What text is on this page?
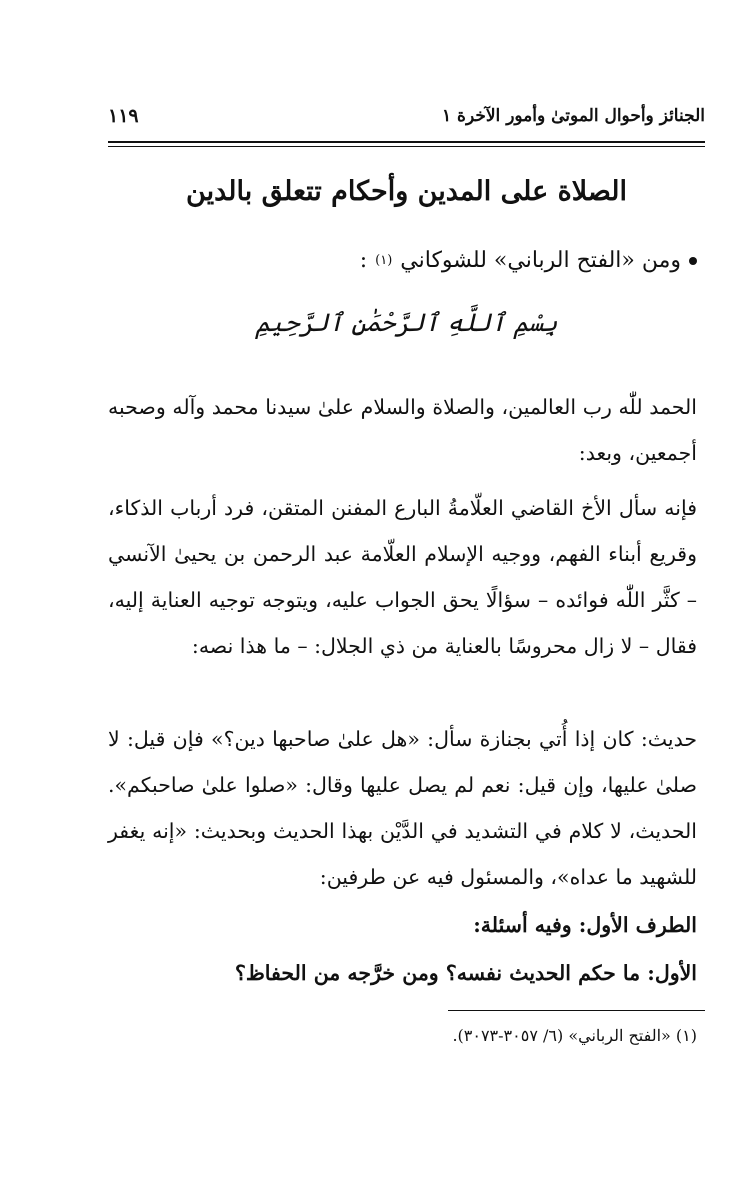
الجنائز وأحوال الموتىٰ وأمور الآخرة ١
١١٩
الصلاة على المدين وأحكام تتعلق بالدين
ومن «الفتح الرباني» للشوكاني
(١)
:
بِسْمِ ٱللَّهِ ٱلرَّحْمَٰنِ ٱلرَّحِيمِ

الحمد للّٰه رب العالمين، والصلاة والسلام علىٰ سيدنا محمد وآله وصحبه أجمعين، وبعد:

فإنه سأل الأخ القاضي العلّامةُ البارع المفنن المتقن، فرد أرباب الذكاء، وقريع أبناء الفهم، ووجيه الإسلام العلّامة عبد الرحمن بن يحيىٰ الآنسي – كثَّر اللّٰه فوائده – سؤالًا يحق الجواب عليه، ويتوجه توجيه العناية إليه، فقال – لا زال محروسًا بالعناية من ذي الجلال: – ما هذا نصه:

حديث: كان إذا أُتي بجنازة سأل: «هل علىٰ صاحبها دين؟» فإن قيل: لا صلىٰ عليها، وإن قيل: نعم لم يصل عليها وقال: «صلوا علىٰ صاحبكم». الحديث، لا كلام في التشديد في الدَّيْن بهذا الحديث وبحديث: «إنه يغفر للشهيد ما عداه»، والمسئول فيه عن طرفين:

الطرف الأول: وفيه أسئلة:

الأول: ما حكم الحديث نفسه؟ ومن خرَّجه من الحفاظ؟

(١) «الفتح الرباني» (٦/ ٣٠٥٧-٣٠٧٣).
